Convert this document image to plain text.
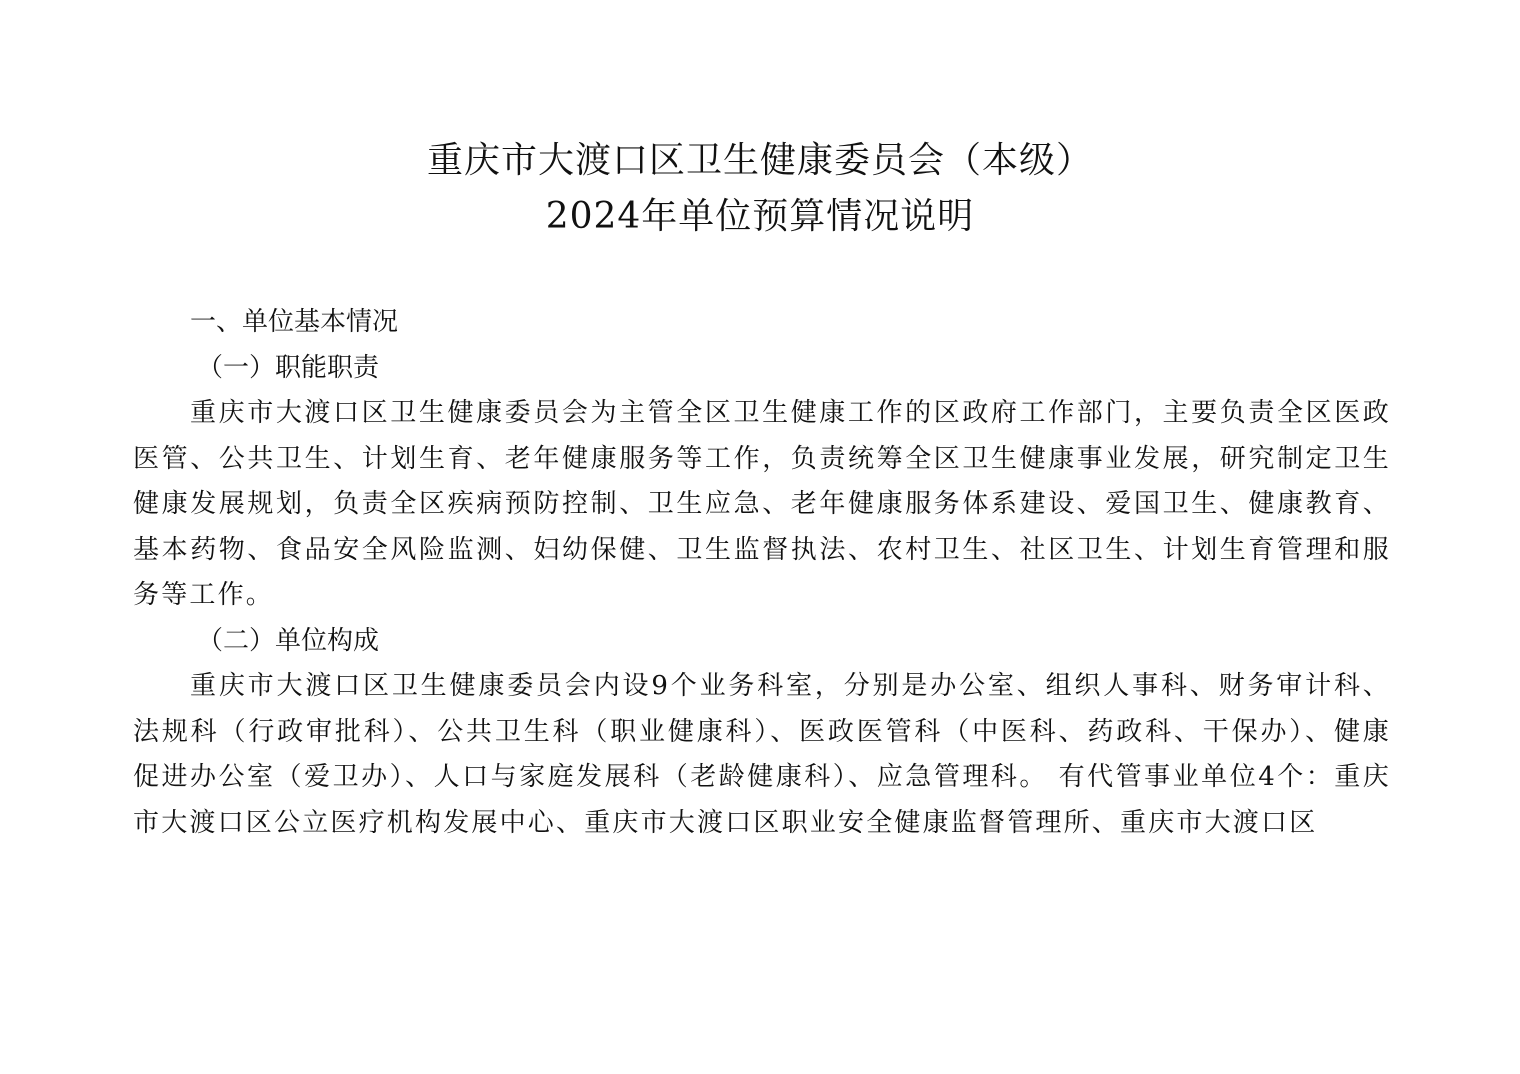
重庆市大渡口区卫生健康委员会（本级）
2024年单位预算情况说明

一、单位基本情况

（一）职能职责

重庆市大渡口区卫生健康委员会为主管全区卫生健康工作的区政府工作部门，主要负责全区医政医管、公共卫生、计划生育、老年健康服务等工作，负责统筹全区卫生健康事业发展，研究制定卫生健康发展规划，负责全区疾病预防控制、卫生应急、老年健康服务体系建设、爱国卫生、健康教育、基本药物、食品安全风险监测、妇幼保健、卫生监督执法、农村卫生、社区卫生、计划生育管理和服务等工作。

（二）单位构成

重庆市大渡口区卫生健康委员会内设9个业务科室，分别是办公室、组织人事科、财务审计科、法规科（行政审批科）、公共卫生科（职业健康科）、医政医管科（中医科、药政科、干保办）、健康促进办公室（爱卫办）、人口与家庭发展科（老龄健康科）、应急管理科。 有代管事业单位4个：重庆市大渡口区公立医疗机构发展中心、重庆市大渡口区职业安全健康监督管理所、重庆市大渡口区
